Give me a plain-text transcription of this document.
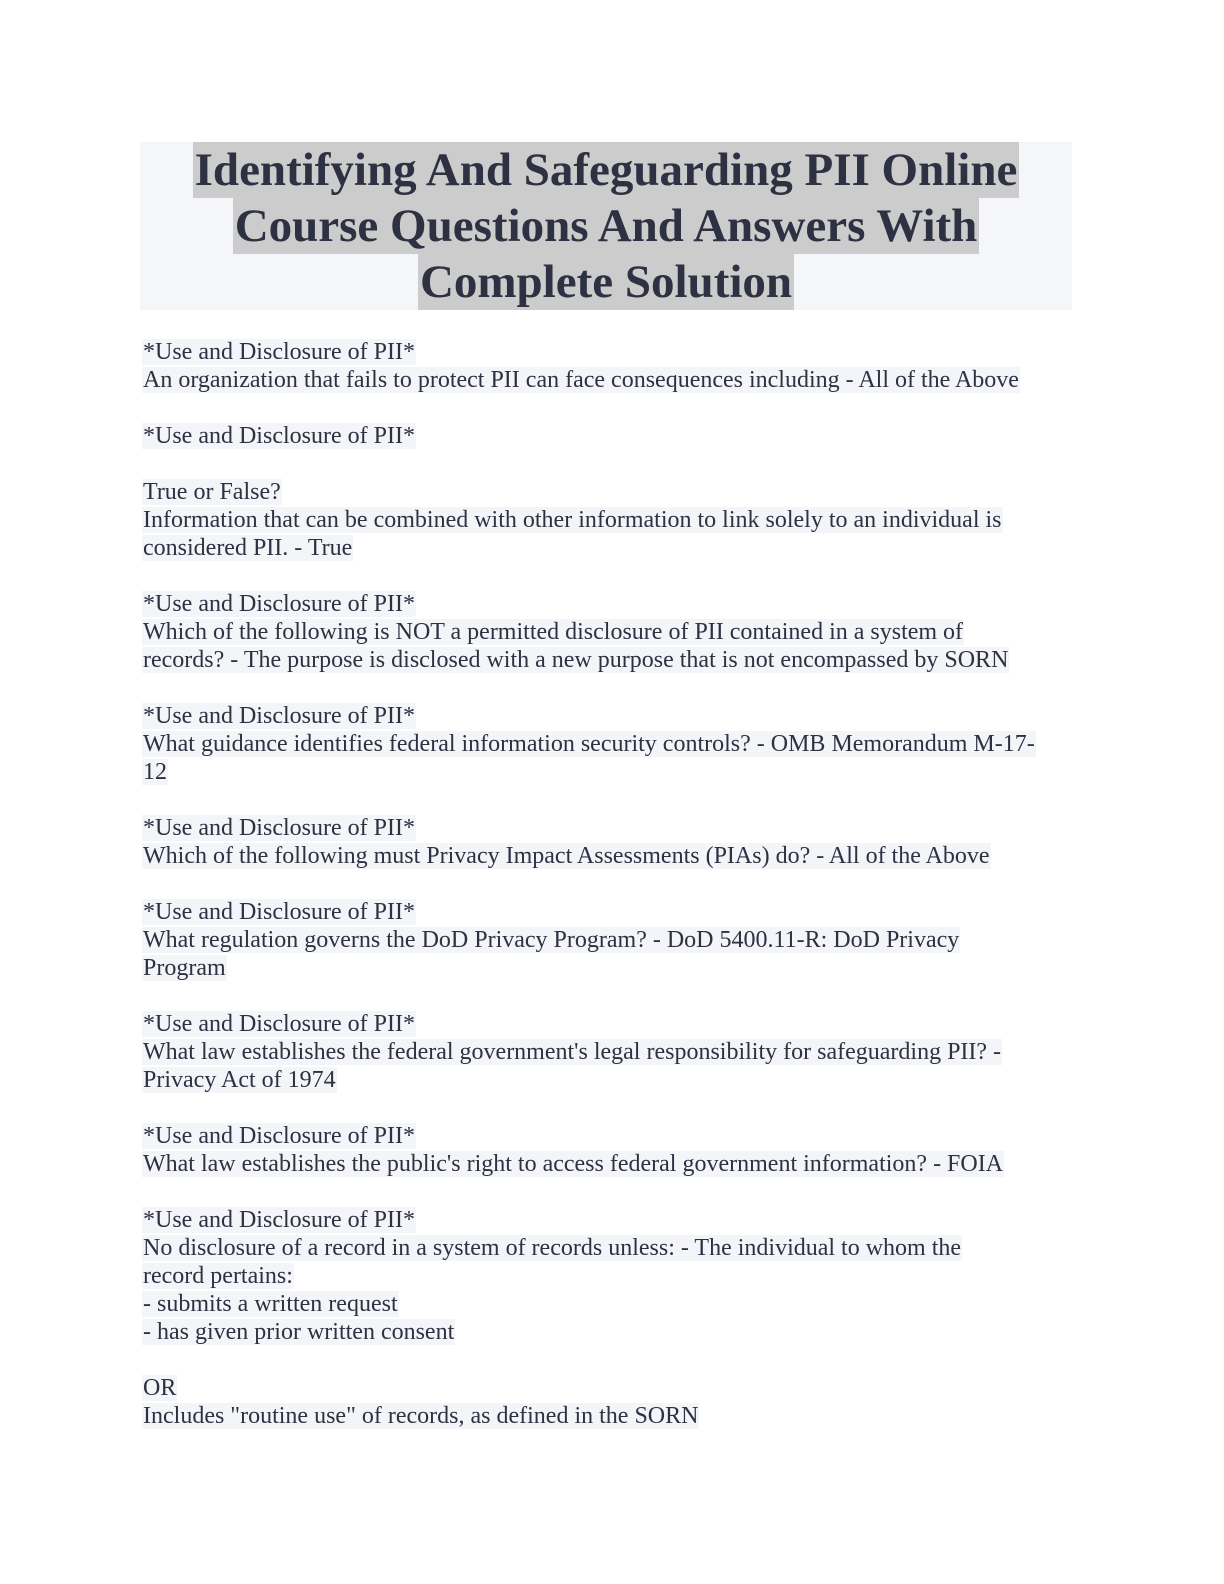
Identifying And Safeguarding PII Online
Course Questions And Answers With
Complete Solution
*Use and Disclosure of PII*
An organization that fails to protect PII can face consequences including - All of the Above
*Use and Disclosure of PII*
True or False?
Information that can be combined with other information to link solely to an individual is
considered PII. - True
*Use and Disclosure of PII*
Which of the following is NOT a permitted disclosure of PII contained in a system of
records? - The purpose is disclosed with a new purpose that is not encompassed by SORN
*Use and Disclosure of PII*
What guidance identifies federal information security controls? - OMB Memorandum M-17-
12
*Use and Disclosure of PII*
Which of the following must Privacy Impact Assessments (PIAs) do? - All of the Above
*Use and Disclosure of PII*
What regulation governs the DoD Privacy Program? - DoD 5400.11-R: DoD Privacy
Program
*Use and Disclosure of PII*
What law establishes the federal government's legal responsibility for safeguarding PII? -
Privacy Act of 1974
*Use and Disclosure of PII*
What law establishes the public's right to access federal government information? - FOIA
*Use and Disclosure of PII*
No disclosure of a record in a system of records unless: - The individual to whom the
record pertains:
- submits a written request
- has given prior written consent
OR
Includes "routine use" of records, as defined in the SORN
